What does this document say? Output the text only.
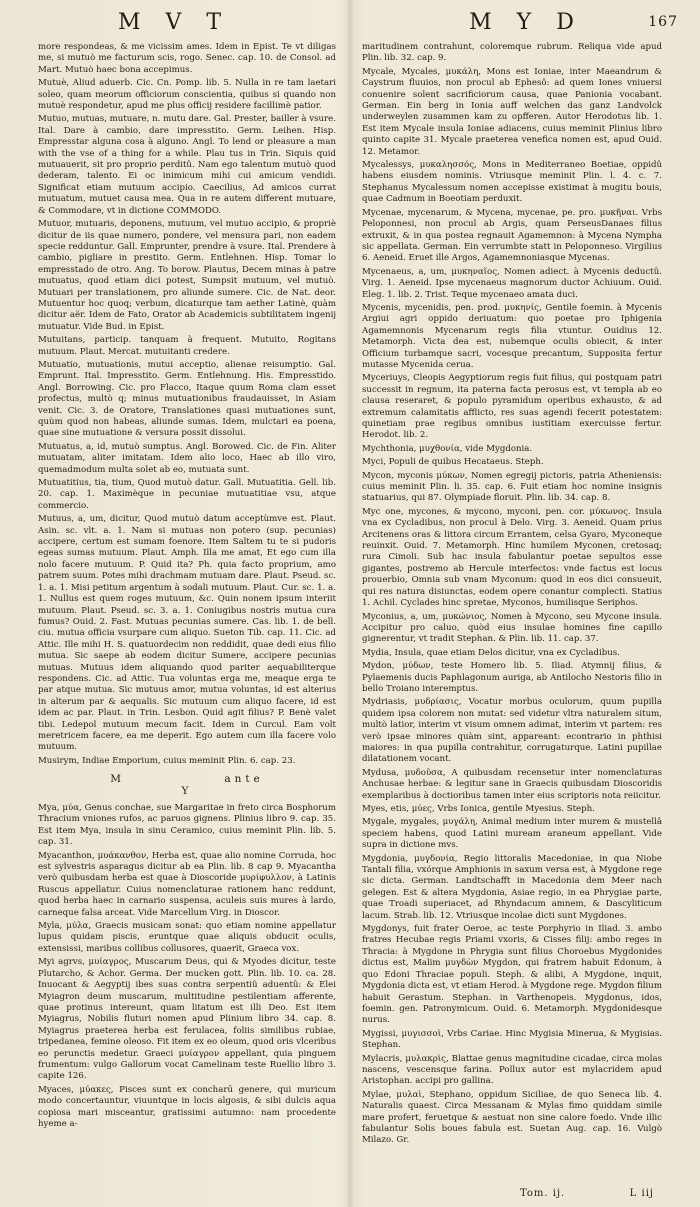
M V T	M Y D	167

more respondeas, & me vicissim ames. Idem in Epist. Te vt diligas me, si mutuò me facturum scis, rogo. Senec. cap. 10. de Consol. ad Mart. Mutuò haec bona accepimus.

Mutuè, Aliud aduerb. Cic. Cn. Pomp. lib. 5. Nulla in re tam laetari soleo, quam meorum officiorum conscientia, quibus si quando non mutuè respondetur, apud me plus officij residere facillimè patior.

Mutuo, mutuas, mutuare, n. mutu dare. Gal. Prester, bailler à vsure. Ital. Dare à cambio, dare impresstito. Germ. Leihen. Hisp. Empresstar alguna cosa à alguno. Angl. To lend or pleasure a man with the vse of a thing for a while. Plau tus in Trin. Siquis quid mutuauerit, sit pro proprio perditû. Nam ego talentum mutuò quod dederam, talento. Ei oc inimicum mihi cui amicum vendidi. Significat etiam mutuum accipio. Caecilius, Ad amicos currat mutuatum, mutuet causa mea. Qua in re autem different mutuare, & Commodare, vt in dictione COMMODO.

Mutuor, mutuaris, deponens, mutuum, vel mutuo accipio, & propriè dicitur de iis quae numero, pondere, vel mensura pari, non eadem specie redduntur. Gall. Emprunter, prendre à vsure. Ital. Prendere à cambio, pigliare in prestito. Germ. Entlehnen. Hisp. Tomar lo empresstado de otro. Ang. To borow. Plautus, Decem minas à patre mutuatus, quod etiam dici potest, Sumpsit mutuum, vel mutuò. Mutuari per translationem, pro aliunde sumere. Cic. de Nat. deor. Mutuentur hoc quoq; verbum, dicaturque tam aether Latinè, quàm dicitur aër. Idem de Fato, Orator ab Academicis subtilitatem ingenij mutuatur. Vide Bud. in Epist.

Mutuitans, particip. tanquam à frequent. Mutuito, Rogitans mutuum. Plaut. Mercat. mutuitanti credere.

Mutuatio, mutuationis, mutui acceptio, alienae reisumptio. Gal. Emprunt. Ital. Impresstito. Germ. Entlehnung. His. Empresstido. Angl. Borrowing. Cic. pro Flacco, Itaque quum Roma clam esset profectus, multò q; minus mutuationibus fraudauisset, in Asiam venit. Cic. 3. de Oratore, Translationes quasi mutuationes sunt, quùm quod non habeas, aliunde sumas. Idem, mulctari ea poena, quae sine mutuatione & versura possit dissolui.

Mutuatus, a, id, mutuò sumptus. Angl. Borowed. Cic. de Fin. Aliter mutuatam, aliter imitatam. Idem alio loco, Haec ab illo viro, quemadmodum multa solet ab eo, mutuata sunt.

Mutuatitius, tia, tium, Quod mutuò datur. Gall. Mutuatitia. Gell. lib. 20. cap. 1. Maximèque in pecuniae mutuatitiae vsu, atque commercio.

Mutuus, a, um, dicitur, Quod mutuò datum acceptùmve est. Plaut. Asin. sc. vlt. a. 1. Nam si mutuas non potero (sup. pecunias) accipere, certum est sumam foenore. Item Saltem tu te si pudoris egeas sumas mutuum. Plaut. Amph. Illa me amat, Et ego cum illa nolo facere mutuum. P. Quid ita? Ph. quia facto proprium, amo patrem suum. Potes mihi drachmam mutuam dare. Plaut. Pseud. sc. 1. a. 1. Misi petitum argentum à sodali mutuum. Plaut. Cur. sc. 1. a. 1. Nullus est quem roges mutuum, &c. Quin nonem ipsum interiit mutuum. Plaut. Pseud. sc. 3. a. 1. Coniugibus nostris mutua cura fumus? Ouid. 2. Fast. Mutuas pecunias sumere. Cas. lib. 1. de bell. ciu. mutua officia vsurpare cum aliquo. Sueton Tib. cap. 11. Cic. ad Attic. Ille mihi H. S. quatuordecim non reddidit, quae dedi eius filio mutua. Sic saepe ab eodem dicitur Sumere, accipere pecunias mutuas. Mutuus idem aliquando quod pariter aequabiliterque respondens. Cic. ad Attic. Tua voluntas erga me, meaque erga te par atque mutua. Sic mutuus amor, mutua voluntas, id est alterius in alterum par & aequalis. Sic mutuum cum aliquo facere, id est idem ac par. Plaut. in Trin. Lesbon. Quid agit filius? P. Benè valet tibi. Ledepol mutuum mecum facit. Idem in Curcul. Eam volt meretricem facere, ea me deperit. Ego autem cum illa facere volo mutuum.

Musirym, Indiae Emporium, cuius meminit Plin. 6. cap. 23.

M	ante Y

Mya, μύα, Genus conchae, sue Margaritae in freto circa Bosphorum Thracium vniones rufos, ac paruos gignens. Plinius libro 9. cap. 35. Est item Mya, insula in sinu Ceramico, cuius meminit Plin. lib. 5. cap. 31.

Myacanthon, μυάκανθον, Herba est, quae alio nomine Corruda, hoc est sylvestris asparagus dicitur ab ea Plin. lib. 8 cap 9. Myacantha verò quibusdam herba est quae à Dioscoride μυρίφυλλον, à Latinis Ruscus appellatur. Cuius nomenclaturae rationem hanc reddunt, quod herba haec in carnario suspensa, aculeis suis mures à lardo, carneque falsa arceat. Vide Marcellum Virg. in Dioscor.

Myla, μύλα, Graecis musicam sonat: quo etiam nomine appellatur lupus quidam piscis, eruntque quae aliquis obducit oculis, extensissi, maribus collibus collusores, quaerit, Graeca vox.

Myi agrvs, μυίαγρος, Muscarum Deus, qui & Myodes dicitur, teste Plutarcho, & Achor. Germa. Der mucken gott. Plin. lib. 10. ca. 28. Inuocant & Aegyptij ibes suas contra serpentiû aduentû: & Elei Myiagron deum muscarum, multitudine pestilentiam afferente, quae protinus intereunt, quam litatum est illi Deo. Est item Myiagrus, Nobilis fluturi nomen apud Plinium libro 34. cap. 8. Myiagrus praeterea herba est ferulacea, foliis similibus rubiae, tripedanea, femine oleoso. Fit item ex eo oleum, quod oris vlceribus eo perunctis medetur. Graeci μυίαγρον appellant, quia pinguem frumentum: vulgo Gallorum vocat Camelinam teste Ruellio libro 3. capite 126.

Myaces, μύακες, Pisces sunt ex concharū genere, qui muricum modo concertauntur, viuuntque in locis algosis, & sibi dulcis aqua copiosa mari misceantur, gratissimi autumno: nam procedente hyeme a-

maritudinem contrahunt, coloremque rubrum. Reliqua vide apud Plin. lib. 32. cap. 9.

Mycale, Mycales, μυκάλη, Mons est Ioniae, inter Maeandrum & Caystrum fluuios, non procul ab Ephesô: ad quem Iones vniuersi conuenire solent sacrificiorum causa, quae Panionia vocabant. German. Ein berg in Ionia auff welchen das ganz Landvolck underweylen zusammen kam zu opfferen. Autor Herodotus lib. 1. Est item Mycale insula Ioniae adiacens, cuius meminit Plinius libro quinto capite 31. Mycale praeterea venefica nomen est, apud Ouid. 12. Metamor.

Mycalessys, μυκαλησσός, Mons in Mediterraneo Boetiae, oppidû habens eiusdem nominis. Vtriusque meminit Plin. l. 4. c. 7. Stephanus Mycalessum nomen accepisse existimat à mugitu bouis, quae Cadmum in Boeotiam perduxit.

Mycenae, mycenarum, & Mycena, mycenae, pe. pro. μυκῆναι. Vrbs Peloponnesi, non procul ab Argis, quam PerseusDanaes filius extruxit, & in qua postea regnauit Agamemnon: à Mycena Nympha sic appellata. German. Ein verrumbte statt in Peloponneso. Virgilius 6. Aeneid. Eruet ille Argos, Agamemnoniasque Mycenas.

Mycenaeus, a, um, μυκηναῖος, Nomen adiect. à Mycenis deductû. Virg. 1. Aeneid. Ipse mycenaeus magnorum ductor Achiuum. Ouid. Eleg. 1. lib. 2. Trist. Teque mycenaeo amata duci.

Mycenis, mycenidis, pen. prod. μυκηνίς, Gentile foemin. à Mycenis Argiui agri oppido deriuatum: quo poetae pro Iphigenia Agamemnonis Mycenarum regis filia vtuntur. Ouidius 12. Metamorph. Victa dea est, nubemque oculis obiecit, & inter Officium turbamque sacri, vocesque precantum, Supposita fertur mutasse Mycenida cerua.

Myceriuys, Cleopis Aegyptiorum regis fuit filius, qui postquam patri successit in regnum, ita paterna facta perosus est, vt templa ab eo clausa reseraret, & populo pyramidum operibus exhausto, & ad extremum calamitatis afflicto, res suas agendi fecerit potestatem: quinetiam prae regibus omnibus iustitiam exercuisse fertur. Herodot. lib. 2.

Mychthonia, μυχθονία, vide Mygdonia.

Myci, Populi de quibus Hecataeus. Steph.

Mycon, myconis μύκων, Nomen egregij pictoris, patria Atheniensis: cuius meminit Plin. li. 35. cap. 6. Fuit etiam hoc nomine insignis statuarius, qui 87. Olympiade floruit. Plin. lib. 34. cap. 8.

Myc one, mycones, & mycono, myconi, pen. cor. μύκωνος. Insula vna ex Cycladibus, non procul à Delo. Virg. 3. Aeneid. Quam prius Arcitenens oras & littora circum Errantem, celsa Gyaro, Myconeque reuinxit. Ouid. 7. Metamorph. Hinc humilem Myconen, cretosaq; rura Cimoli. Sub hac insula fabulantur poetae sepultos esse gigantes, postremo ab Hercule interfectos: vnde factus est locus prouerbio, Omnia sub vnam Myconum: quod in eos dici consueuit, qui res natura disiunctas, eodem opere conantur complecti. Statius 1. Achil. Cyclades hinc spretae, Myconos, humilisque Seriphos.

Myconius, a, um, μυκώνιος, Nomen à Mycono, seu Mycone insula. Accipitur pro caluo, quòd eius insulae homines fine capillo gignerentur, vt tradit Stephan. & Plin. lib. 11. cap. 37.

Mydia, Insula, quae etiam Delos dicitur, vna ex Cycladibus.

Mydon, μύδων, teste Homero lib. 5. Iliad. Atymnij filius, & Pylaemenis ducis Paphlagonum auriga, ab Antilocho Nestoris filio in bello Troiano interemptus.

Mydriasis, μυδρίασις, Vocatur morbus oculorum, quum pupilla quidem ipsa colorem non mutat: sed videtur vltra naturalem situm, multò latior, interim vt visum omnem adimat, interim vt partem: res verò ipsae minores quàm sint, appareant: econtrario in phthisi maiores: in qua pupilla contrahitur, corrugaturque. Latini pupillae dilatationem vocant.

Mydusa, μυδοῦσα, A quibusdam recensetur inter nomenclaturas Anchusae herbae: & legitur sane in Graecis quibusdam Dioscoridis exemplaribus à doctioribus tamen inter eius scriptoris nota reiicitur.

Myes, etis, μύες, Vrbs Ionica, gentile Myesius. Steph.

Mygale, mygales, μυγάλη, Animal medium inter murem & mustellâ speciem habens, quod Latini muream araneum appellant. Vide supra in dictione mvs.

Mygdonia, μυγδονία, Regio littoralis Macedoniae, in qua Niobe Tantali filia, vxórque Amphionis in saxum versa est, à Mygdone rege sic dicta. German. Landtschafft in Macedonia dem Meer nach gelegen. Est & altera Mygdonia, Asiae regio, in ea Phrygiae parte, quae Troadi superiacet, ad Rhyndacum amnem, & Dascyliticum lacum. Strab. lib. 12. Vtriusque incolae dicti sunt Mygdones.

Mygdonys, fuit frater Oeroe, ac teste Porphyrio in Iliad. 3. ambo fratres Hecubae regis Priami vxoris, & Cisses filij: ambo reges in Thracia: à Mygdone in Phrygia sunt filius Choroebus Mygdonides dictus est, Malim μυγδὼν Mygdon, qui fratrem habuit Edonum, à quo Edoni Thraciae populi. Steph. & alibi, A Mygdone, inquit, Mygdonia dicta est, vt etiam Herod. à Mygdone rege. Mygdon filium habuit Gerastum. Stephan. in Varthenopeis. Mygdonus, idos, foemin. gen. Patronymicum. Ouid. 6. Metamorph. Mygdonidesque nurus.

Mygissi, μυγισσοὶ, Vrbs Cariae. Hinc Mygisia Minerua, & Mygisias. Stephan.

Mylacris, μυλακρὶς, Blattae genus magnitudine cicadae, circa molas nascens, vescensque farina. Pollux autor est mylacridem apud Aristophan. accipi pro gallina.

Mylae, μυλαὶ, Stephano, oppidum Siciliae, de quo Seneca lib. 4. Naturalis quaest. Circa Messanam & Mylas fimo quiddam simile mare profert, feruetque & aestuat non sine calore foedo. Vnde illic fabulantur Solis boues fabula est. Suetan Aug. cap. 16. Vulgò Milazo. Gr.

Tom. ij.	L iij
